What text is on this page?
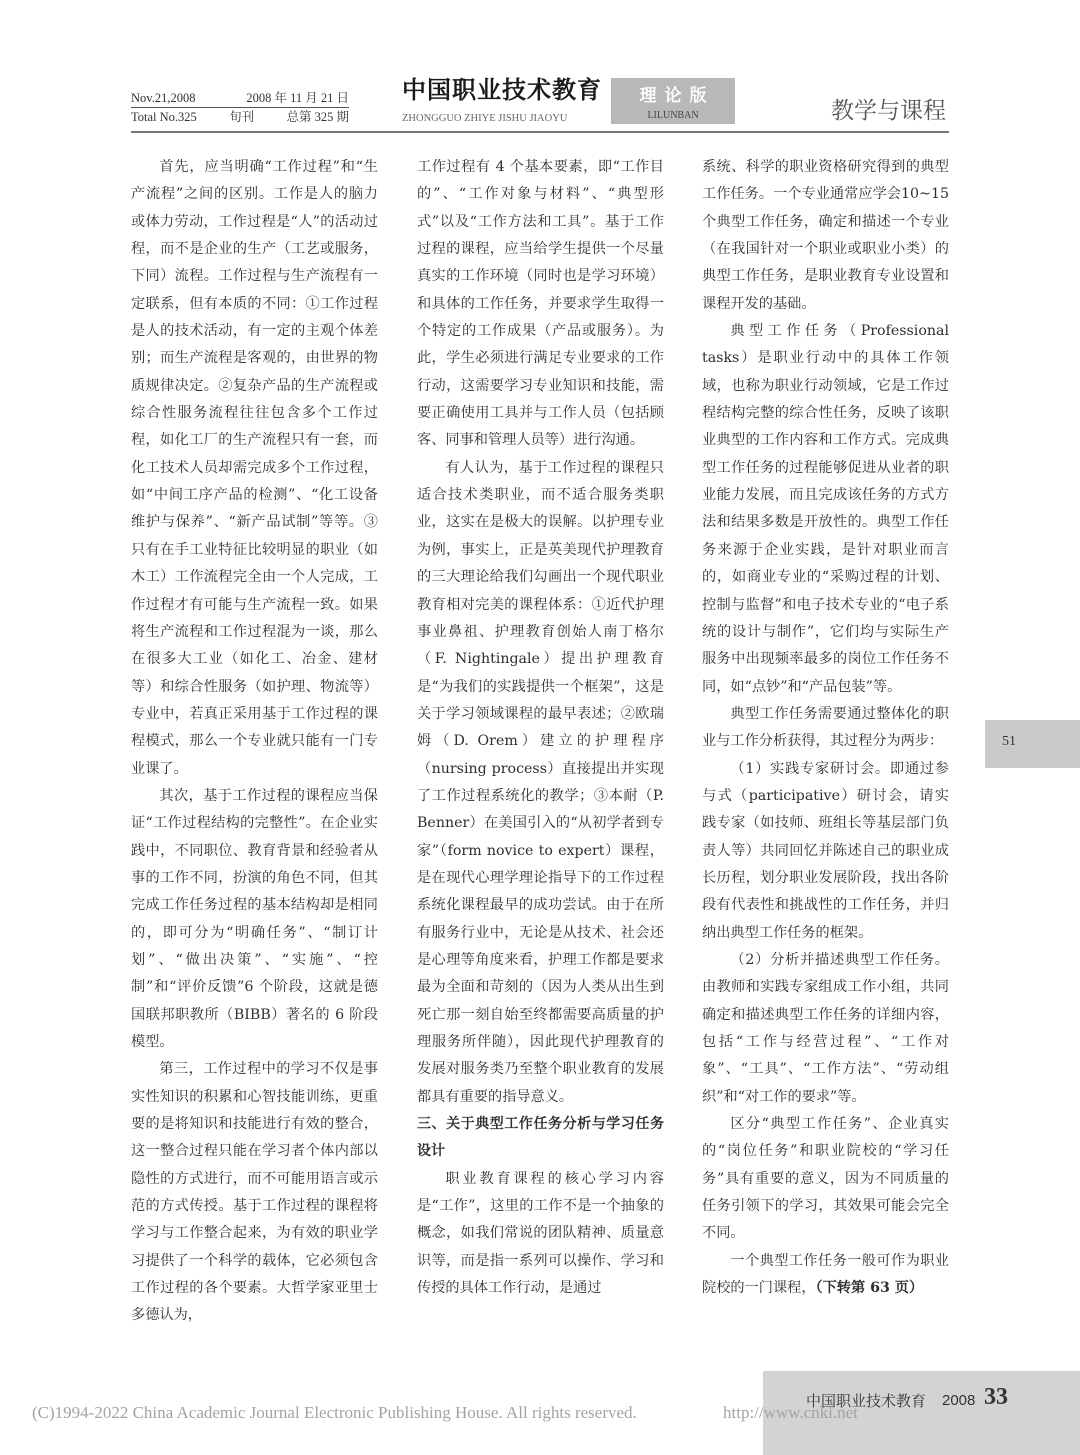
Nov.21,2008	2008 年 11 月 21 日
Total No.325	旬刊	总第 325 期
中国职业技术教育
ZHONGGUO ZHIYE JISHU JIAOYU
理论版
LILUNBAN	教学与课程

首先，应当明确“工作过程”和“生产流程”之间的区别。工作是人的脑力或体力劳动，工作过程是“人”的活动过程，而不是企业的生产（工艺或服务，下同）流程。工作过程与生产流程有一定联系，但有本质的不同：①工作过程是人的技术活动，有一定的主观个体差别；而生产流程是客观的，由世界的物质规律决定。②复杂产品的生产流程或综合性服务流程往往包含多个工作过程，如化工厂的生产流程只有一套，而化工技术人员却需完成多个工作过程，如“中间工序产品的检测”、“化工设备维护与保养”、“新产品试制”等等。③只有在手工业特征比较明显的职业（如木工）工作流程完全由一个人完成，工作过程才有可能与生产流程一致。如果将生产流程和工作过程混为一谈，那么在很多大工业（如化工、冶金、建材等）和综合性服务（如护理、物流等）专业中，若真正采用基于工作过程的课程模式，那么一个专业就只能有一门专业课了。

其次，基于工作过程的课程应当保证“工作过程结构的完整性”。在企业实践中，不同职位、教育背景和经验者从事的工作不同，扮演的角色不同，但其完成工作任务过程的基本结构却是相同的，即可分为“明确任务”、“制订计划”、“做出决策”、“实施”、“控制”和“评价反馈”6 个阶段，这就是德国联邦职教所（BIBB）著名的 6 阶段模型。

第三，工作过程中的学习不仅是事实性知识的积累和心智技能训练，更重要的是将知识和技能进行有效的整合，这一整合过程只能在学习者个体内部以隐性的方式进行，而不可能用语言或示范的方式传授。基于工作过程的课程将学习与工作整合起来，为有效的职业学习提供了一个科学的载体，它必须包含工作过程的各个要素。大哲学家亚里士多德认为，

工作过程有 4 个基本要素，即“工作目的”、“工作对象与材料”、“典型形式”以及“工作方法和工具”。基于工作过程的课程，应当给学生提供一个尽量真实的工作环境（同时也是学习环境）和具体的工作任务，并要求学生取得一个特定的工作成果（产品或服务）。为此，学生必须进行满足专业要求的工作行动，这需要学习专业知识和技能，需要正确使用工具并与工作人员（包括顾客、同事和管理人员等）进行沟通。

有人认为，基于工作过程的课程只适合技术类职业，而不适合服务类职业，这实在是极大的误解。以护理专业为例，事实上，正是英美现代护理教育的三大理论给我们勾画出一个现代职业教育相对完美的课程体系：①近代护理事业鼻祖、护理教育创始人南丁格尔（F. Nightingale）提出护理教育是“为我们的实践提供一个框架”，这是关于学习领域课程的最早表述；②欧瑞姆（D. Orem）建立的护理程序（nursing process）直接提出并实现了工作过程系统化的教学；③本耐（P. Benner）在美国引入的“从初学者到专家”（form novice to expert）课程，是在现代心理学理论指导下的工作过程系统化课程最早的成功尝试。由于在所有服务行业中，无论是从技术、社会还是心理等角度来看，护理工作都是要求最为全面和苛刻的（因为人类从出生到死亡那一刻自始至终都需要高质量的护理服务所伴随），因此现代护理教育的发展对服务类乃至整个职业教育的发展都具有重要的指导意义。

三、关于典型工作任务分析与学习任务设计

职业教育课程的核心学习内容是“工作”，这里的工作不是一个抽象的概念，如我们常说的团队精神、质量意识等，而是指一系列可以操作、学习和传授的具体工作行动，是通过

系统、科学的职业资格研究得到的典型工作任务。一个专业通常应学会10~15 个典型工作任务，确定和描述一个专业（在我国针对一个职业或职业小类）的典型工作任务，是职业教育专业设置和课程开发的基础。

典型工作任务（Professional tasks）是职业行动中的具体工作领域，也称为职业行动领域，它是工作过程结构完整的综合性任务，反映了该职业典型的工作内容和工作方式。完成典型工作任务的过程能够促进从业者的职业能力发展，而且完成该任务的方式方法和结果多数是开放性的。典型工作任务来源于企业实践，是针对职业而言的，如商业专业的“采购过程的计划、控制与监督”和电子技术专业的“电子系统的设计与制作”，它们均与实际生产服务中出现频率最多的岗位工作任务不同，如“点钞”和“产品包装”等。

典型工作任务需要通过整体化的职业与工作分析获得，其过程分为两步：

（1）实践专家研讨会。即通过参与式（participative）研讨会，请实践专家（如技师、班组长等基层部门负责人等）共同回忆并陈述自己的职业成长历程，划分职业发展阶段，找出各阶段有代表性和挑战性的工作任务，并归纳出典型工作任务的框架。

（2）分析并描述典型工作任务。由教师和实践专家组成工作小组，共同确定和描述典型工作任务的详细内容，包括“工作与经营过程”、“工作对象”、“工具”、“工作方法”、“劳动组织”和“对工作的要求”等。

区分“典型工作任务”、企业真实的“岗位任务”和职业院校的“学习任务”具有重要的意义，因为不同质量的任务引领下的学习，其效果可能会完全不同。

一个典型工作任务一般可作为职业院校的一门课程，（下转第 63 页）

51
中国职业技术教育 2008 33
(C)1994-2022 China Academic Journal Electronic Publishing House. All rights reserved.	http://www.cnki.net
